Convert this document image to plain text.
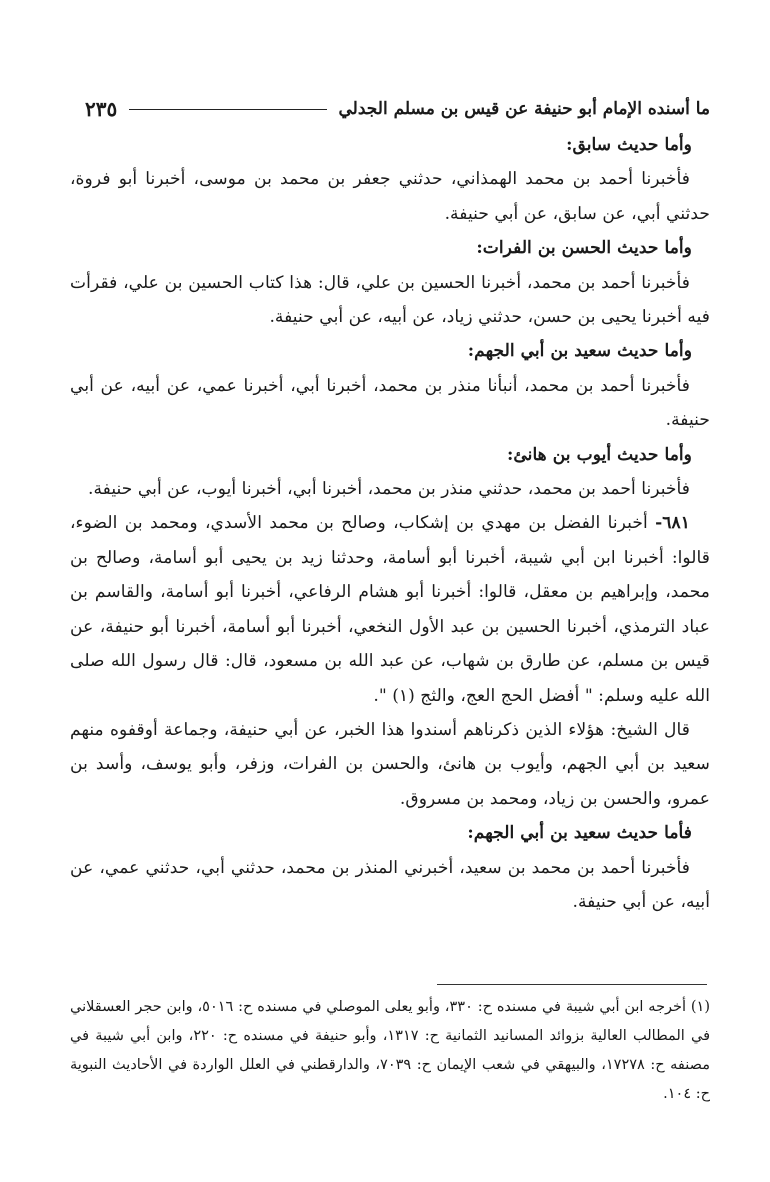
ما أسنده الإمام أبو حنيفة عن قيس بن مسلم الجدلي
٢٣٥

وأما حديث سابق:

فأخبرنا أحمد بن محمد الهمذاني، حدثني جعفر بن محمد بن موسى، أخبرنا أبو فروة، حدثني أبي، عن سابق، عن أبي حنيفة.

وأما حديث الحسن بن الفرات:

فأخبرنا أحمد بن محمد، أخبرنا الحسين بن علي، قال: هذا كتاب الحسين بن علي، فقرأت فيه أخبرنا يحيى بن حسن، حدثني زياد، عن أبيه، عن أبي حنيفة.

وأما حديث سعيد بن أبي الجهم:

فأخبرنا أحمد بن محمد، أنبأنا منذر بن محمد، أخبرنا أبي، أخبرنا عمي، عن أبيه، عن أبي حنيفة.

وأما حديث أيوب بن هانئ:

فأخبرنا أحمد بن محمد، حدثني منذر بن محمد، أخبرنا أبي، أخبرنا أيوب، عن أبي حنيفة.

٦٨١- أخبرنا الفضل بن مهدي بن إشكاب، وصالح بن محمد الأسدي، ومحمد بن الضوء، قالوا: أخبرنا ابن أبي شيبة، أخبرنا أبو أسامة، وحدثنا زيد بن يحيى أبو أسامة، وصالح بن محمد، وإبراهيم بن معقل، قالوا: أخبرنا أبو هشام الرفاعي، أخبرنا أبو أسامة، والقاسم بن عباد الترمذي، أخبرنا الحسين بن عبد الأول النخعي، أخبرنا أبو أسامة، أخبرنا أبو حنيفة، عن قيس بن مسلم، عن طارق بن شهاب، عن عبد الله بن مسعود، قال: قال رسول الله صلى الله عليه وسلم: " أفضل الحج العج، والثج (١) ".

قال الشيخ: هؤلاء الذين ذكرناهم أسندوا هذا الخبر، عن أبي حنيفة، وجماعة أوقفوه منهم سعيد بن أبي الجهم، وأيوب بن هانئ، والحسن بن الفرات، وزفر، وأبو يوسف، وأسد بن عمرو، والحسن بن زياد، ومحمد بن مسروق.

فأما حديث سعيد بن أبي الجهم:

فأخبرنا أحمد بن محمد بن سعيد، أخبرني المنذر بن محمد، حدثني أبي، حدثني عمي، عن أبيه، عن أبي حنيفة.

(١) أخرجه ابن أبي شيبة في مسنده ح: ٣٣٠، وأبو يعلى الموصلي في مسنده ح: ٥٠١٦، وابن حجر العسقلاني في المطالب العالية بزوائد المسانيد الثمانية ح: ١٣١٧، وأبو حنيفة في مسنده ح: ٢٢٠، وابن أبي شيبة في مصنفه ح: ١٧٢٧٨، والبيهقي في شعب الإيمان ح: ٧٠٣٩، والدارقطني في العلل الواردة في الأحاديث النبوية ح: ١٠٤.
